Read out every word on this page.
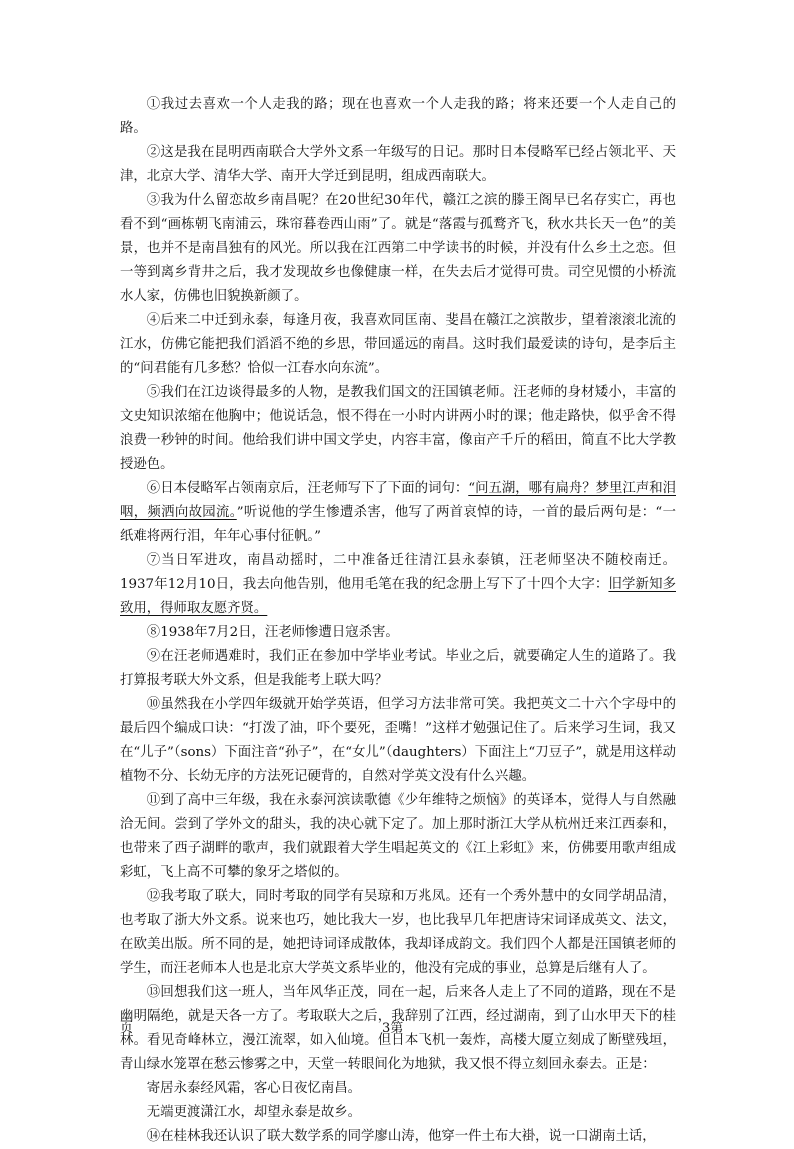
①我过去喜欢一个人走我的路；现在也喜欢一个人走我的路；将来还要一个人走自己的路。

②这是我在昆明西南联合大学外文系一年级写的日记。那时日本侵略军已经占领北平、天津，北京大学、清华大学、南开大学迁到昆明，组成西南联大。

③我为什么留恋故乡南昌呢？在20世纪30年代，赣江之滨的滕王阁早已名存实亡，再也看不到“画栋朝飞南浦云，珠帘暮卷西山雨”了。就是“落霞与孤鹜齐飞，秋水共长天一色”的美景，也并不是南昌独有的风光。所以我在江西第二中学读书的时候，并没有什么乡土之恋。但一等到离乡背井之后，我才发现故乡也像健康一样，在失去后才觉得可贵。司空见惯的小桥流水人家，仿佛也旧貌换新颜了。

④后来二中迁到永泰，每逢月夜，我喜欢同匡南、斐昌在赣江之滨散步，望着滚滚北流的江水，仿佛它能把我们滔滔不绝的乡思，带回遥远的南昌。这时我们最爱读的诗句，是李后主的“问君能有几多愁？恰似一江春水向东流”。

⑤我们在江边谈得最多的人物，是教我们国文的汪国镇老师。汪老师的身材矮小，丰富的文史知识浓缩在他胸中；他说话急，恨不得在一小时内讲两小时的课；他走路快，似乎舍不得浪费一秒钟的时间。他给我们讲中国文学史，内容丰富，像亩产千斤的稻田，简直不比大学教授逊色。

⑥日本侵略军占领南京后，汪老师写下了下面的词句：“问五湖，哪有扁舟？梦里江声和泪咽，频洒向故园流。”听说他的学生惨遭杀害，他写了两首哀悼的诗，一首的最后两句是：“一纸难将两行泪，年年心事付征帆。”

⑦当日军进攻，南昌动摇时，二中准备迁往清江县永泰镇，汪老师坚决不随校南迁。1937年12月10日，我去向他告别，他用毛笔在我的纪念册上写下了十四个大字：旧学新知多致用，得师取友愿齐贤。

⑧1938年7月2日，汪老师惨遭日寇杀害。

⑨在汪老师遇难时，我们正在参加中学毕业考试。毕业之后，就要确定人生的道路了。我打算报考联大外文系，但是我能考上联大吗？

⑩虽然我在小学四年级就开始学英语，但学习方法非常可笑。我把英文二十六个字母中的最后四个编成口诀：“打泼了油，吓个要死，歪嘴！”这样才勉强记住了。后来学习生词，我又在“儿子”（sons）下面注音“孙子”，在“女儿”（daughters）下面注上“刀豆子”，就是用这样动植物不分、长幼无序的方法死记硬背的，自然对学英文没有什么兴趣。

⑪到了高中三年级，我在永泰河滨读歌德《少年维特之烦恼》的英译本，觉得人与自然融洽无间。尝到了学外文的甜头，我的决心就下定了。加上那时浙江大学从杭州迁来江西泰和，也带来了西子湖畔的歌声，我们就跟着大学生唱起英文的《江上彩虹》来，仿佛要用歌声组成彩虹，飞上高不可攀的象牙之塔似的。

⑫我考取了联大，同时考取的同学有吴琼和万兆凤。还有一个秀外慧中的女同学胡品清，也考取了浙大外文系。说来也巧，她比我大一岁，也比我早几年把唐诗宋词译成英文、法文，在欧美出版。所不同的是，她把诗词译成散体，我却译成韵文。我们四个人都是汪国镇老师的学生，而汪老师本人也是北京大学英文系毕业的，他没有完成的事业，总算是后继有人了。

⑬回想我们这一班人，当年风华正茂，同在一起，后来各人走上了不同的道路，现在不是幽明隔绝，就是天各一方了。考取联大之后，我辞别了江西，经过湖南，到了山水甲天下的桂林。看见奇峰林立，漫江流翠，如入仙境。但日本飞机一轰炸，高楼大厦立刻成了断壁残垣，青山绿水笼罩在愁云惨雾之中，天堂一转眼间化为地狱，我又恨不得立刻回永泰去。正是：

寄居永泰经风霜，客心日夜忆南昌。

无端更渡潇江水，却望永泰是故乡。

⑭在桂林我还认识了联大数学系的同学廖山涛，他穿一件土布大褂，说一口湖南土话，

页	3第
